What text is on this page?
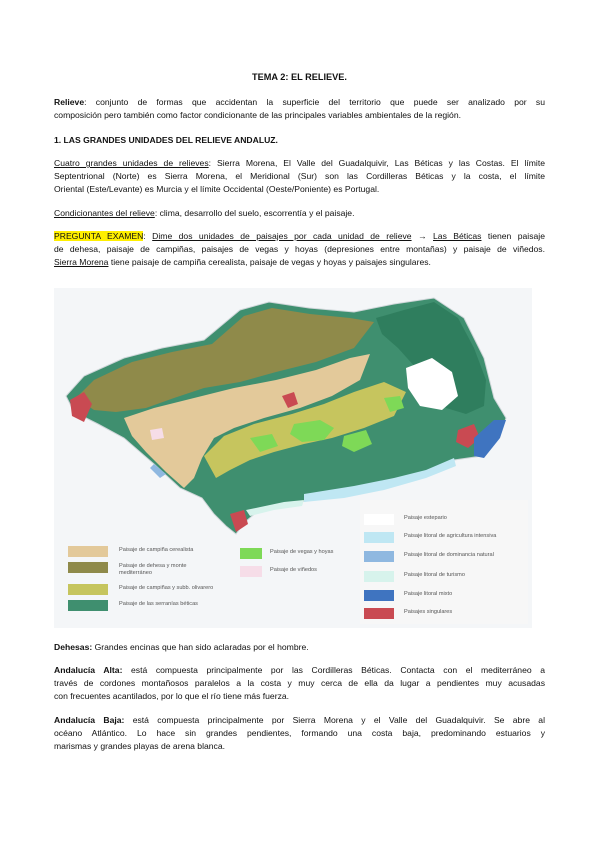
TEMA 2: EL RELIEVE.
Relieve: conjunto de formas que accidentan la superficie del territorio que puede ser analizado por su
composición pero también como factor condicionante de las principales variables ambientales de la región.
1. LAS GRANDES UNIDADES DEL RELIEVE ANDALUZ.
Cuatro grandes unidades de relieves: Sierra Morena, El Valle del Guadalquivir, Las Béticas y las Costas. El límite
Septentrional (Norte) es Sierra Morena, el Meridional (Sur) son las Cordilleras Béticas y la costa, el límite
Oriental (Este/Levante) es Murcia y el límite Occidental (Oeste/Poniente) es Portugal.
Condicionantes del relieve: clima, desarrollo del suelo, escorrentía y el paisaje.
PREGUNTA EXAMEN: Dime dos unidades de paisajes por cada unidad de relieve → Las Béticas tienen paisaje
de dehesa, paisaje de campiñas, paisajes de vegas y hoyas (depresiones entre montañas) y paisaje de viñedos.
Sierra Morena tiene paisaje de campiña cerealista, paisaje de vegas y hoyas y paisajes singulares.
Paisaje de campiña cerealista
Paisaje de dehesa y monte mediterráneo
Paisaje de campiñas y subb. olivarero
Paisaje de las serranías béticas
Paisaje de vegas y hoyas
Paisaje de viñedos
Paisaje estepario
Paisaje litoral de agricultura intensiva
Paisaje litoral de dominancia natural
Paisaje litoral de turismo
Paisaje litoral mixto
Paisajes singulares
Dehesas: Grandes encinas que han sido aclaradas por el hombre.
Andalucía Alta: está compuesta principalmente por las Cordilleras Béticas. Contacta con el mediterráneo a
través de cordones montañosos paralelos a la costa y muy cerca de ella da lugar a pendientes muy acusadas
con frecuentes acantilados, por lo que el río tiene más fuerza.
Andalucía Baja: está compuesta principalmente por Sierra Morena y el Valle del Guadalquivir. Se abre al
océano Atlántico. Lo hace sin grandes pendientes, formando una costa baja, predominando estuarios y
marismas y grandes playas de arena blanca.
